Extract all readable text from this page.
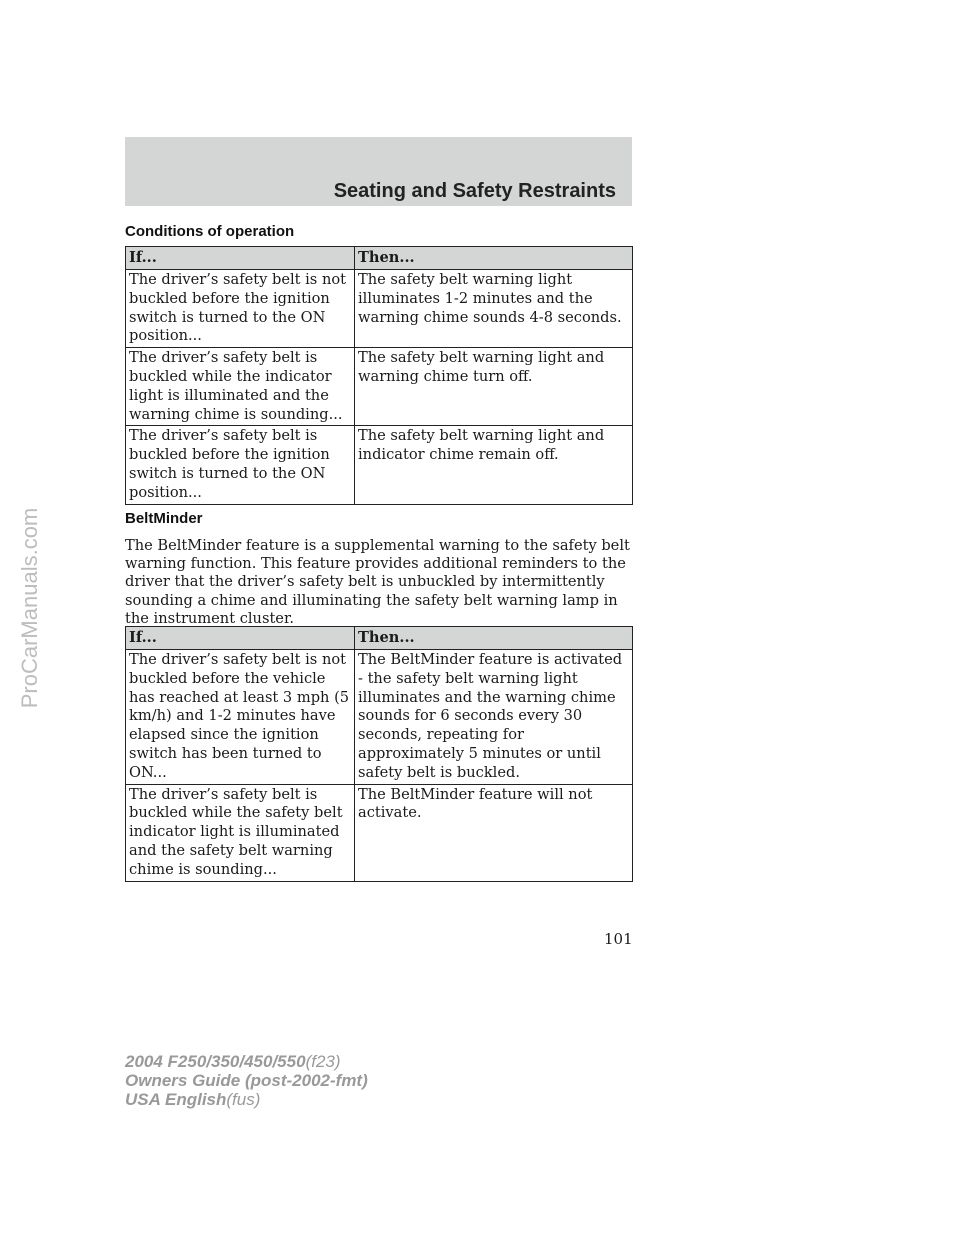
ProCarManuals.com
Seating and Safety Restraints
Conditions of operation
If...	Then...
The driver’s safety belt is not buckled before the ignition switch is turned to the ON position...	The safety belt warning light illuminates 1-2 minutes and the warning chime sounds 4-8 seconds.
The driver’s safety belt is buckled while the indicator light is illuminated and the warning chime is sounding...	The safety belt warning light and warning chime turn off.
The driver’s safety belt is buckled before the ignition switch is turned to the ON position...	The safety belt warning light and indicator chime remain off.
BeltMinder
The BeltMinder feature is a supplemental warning to the safety belt warning function. This feature provides additional reminders to the driver that the driver’s safety belt is unbuckled by intermittently sounding a chime and illuminating the safety belt warning lamp in the instrument cluster.
If...	Then...
The driver’s safety belt is not buckled before the vehicle has reached at least 3 mph (5 km/h) and 1-2 minutes have elapsed since the ignition switch has been turned to ON...	The BeltMinder feature is activated - the safety belt warning light illuminates and the warning chime sounds for 6 seconds every 30 seconds, repeating for approximately 5 minutes or until safety belt is buckled.
The driver’s safety belt is buckled while the safety belt indicator light is illuminated and the safety belt warning chime is sounding...	The BeltMinder feature will not activate.
101
2004 F250/350/450/550(f23)
Owners Guide (post-2002-fmt)
USA English(fus)
